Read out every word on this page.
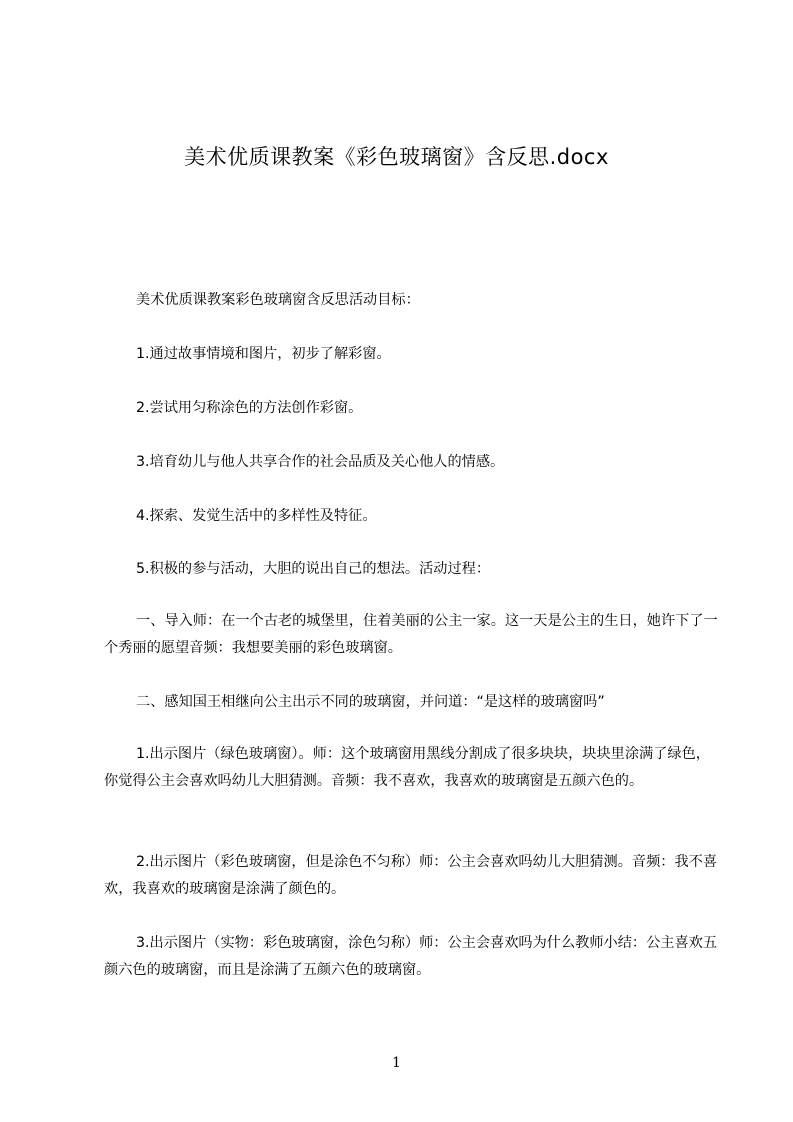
美术优质课教案《彩色玻璃窗》含反思.docx
美术优质课教案彩色玻璃窗含反思活动目标：
1.通过故事情境和图片，初步了解彩窗。
2.尝试用匀称涂色的方法创作彩窗。
3.培育幼儿与他人共享合作的社会品质及关心他人的情感。
4.探索、发觉生活中的多样性及特征。
5.积极的参与活动，大胆的说出自己的想法。活动过程：
一、导入师：在一个古老的城堡里，住着美丽的公主一家。这一天是公主的生日，她许下了一个秀丽的愿望音频：我想要美丽的彩色玻璃窗。
二、感知国王相继向公主出示不同的玻璃窗，并问道：“是这样的玻璃窗吗”
1.出示图片（绿色玻璃窗）。师：这个玻璃窗用黑线分割成了很多块块，块块里涂满了绿色，你觉得公主会喜欢吗幼儿大胆猜测。音频：我不喜欢，我喜欢的玻璃窗是五颜六色的。
2.出示图片（彩色玻璃窗，但是涂色不匀称）师：公主会喜欢吗幼儿大胆猜测。音频：我不喜欢，我喜欢的玻璃窗是涂满了颜色的。
3.出示图片（实物：彩色玻璃窗，涂色匀称）师：公主会喜欢吗为什么教师小结：公主喜欢五颜六色的玻璃窗，而且是涂满了五颜六色的玻璃窗。
1
